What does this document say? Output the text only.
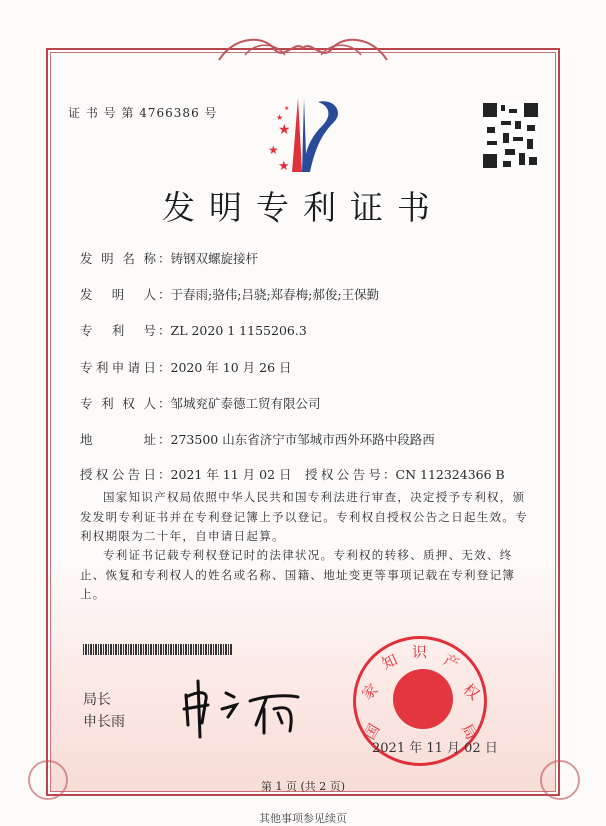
证 书 号 第 4766386 号
★
★
★
★
★
发明专利证书
发明名称 ：铸钢双螺旋接杆
发明人 ：于春雨;骆伟;吕骁;郑春梅;郝俊;王保勤
专利号 ：ZL 2020 1 1155206.3
专利申请日 ：2020 年 10 月 26 日
专利权人 ：邹城兖矿泰德工贸有限公司
地址 ：273500 山东省济宁市邹城市西外环路中段路西
授权公告日 ：2021 年 11 月 02 日 授权公告号 ：CN 112324366 B
国家知识产权局依照中华人民共和国专利法进行审查，决定授予专利权，颁发发明专利证书并在专利登记簿上予以登记。专利权自授权公告之日起生效。专利权期限为二十年，自申请日起算。
专利证书记载专利权登记时的法律状况。专利权的转移、质押、无效、终止、恢复和专利权人的姓名或名称、国籍、地址变更等事项记载在专利登记簿上。
局长
申长雨	国
家
知 识 产
权
局
2021 年 11 月 02 日
第 1 页 (共 2 页)
其他事项参见续页
